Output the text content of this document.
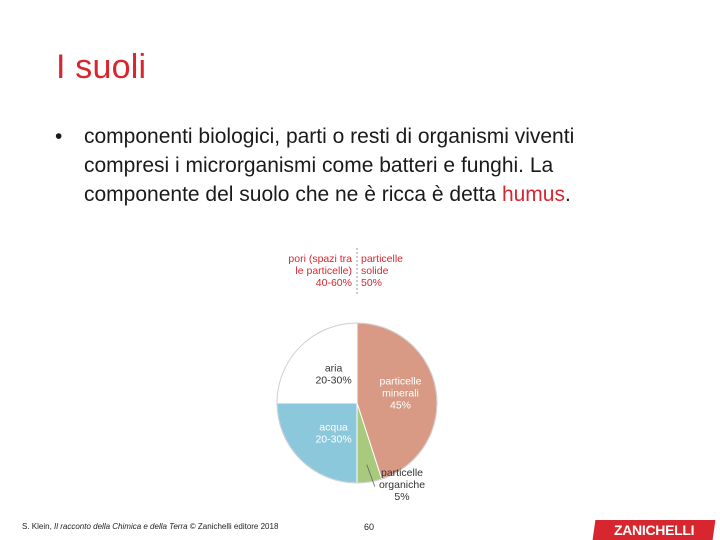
I suoli
• componenti biologici, parti o resti di organismi viventi compresi i microrganismi come batteri e funghi. La componente del suolo che ne è ricca è detta humus.
pori (spazi tra le particelle) 40-60%
particelle solide 50%
particelle minerali 45%
particelle organiche 5%
acqua 20-30%
aria 20-30%
S. Klein, Il racconto della Chimica e della Terra © Zanichelli editore 2018	60	ZANICHELLI
